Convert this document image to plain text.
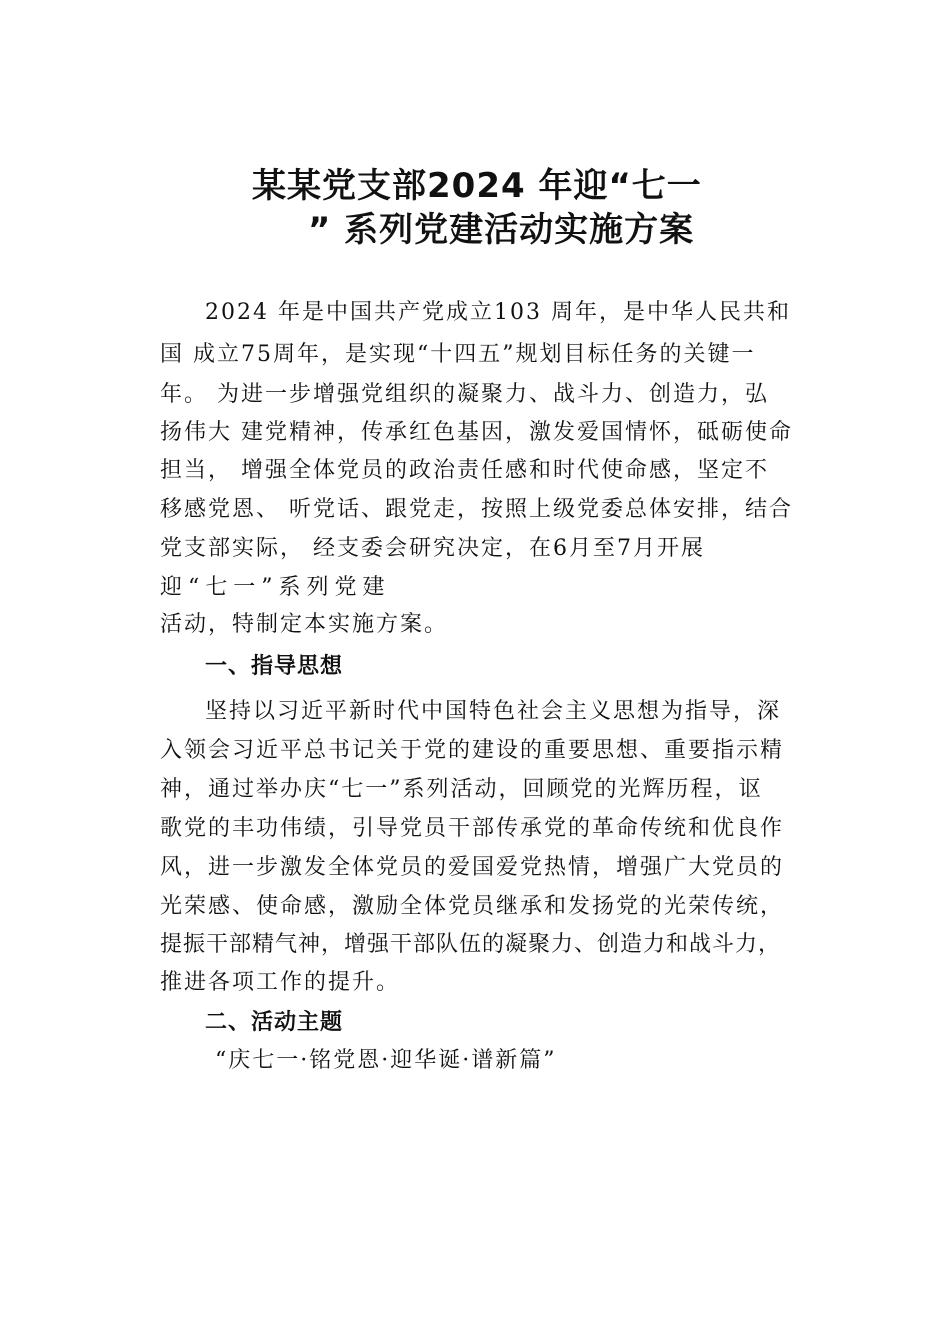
某某党支部2024 年迎“七一
” 系列党建活动实施方案
2024 年是中国共产党成立103 周年，是中华人民共和
国 成立75周年，是实现“十四五”规划目标任务的关键一
年。 为进一步增强党组织的凝聚力、战斗力、创造力，弘
扬伟大 建党精神，传承红色基因，激发爱国情怀，砥砺使命
担当， 增强全体党员的政治责任感和时代使命感，坚定不
移感党恩、 听党话、跟党走，按照上级党委总体安排，结合
党支部实际， 经支委会研究决定，在6月至7月开展
迎“七一”系列党建
活动，特制定本实施方案。
一、指导思想
坚持以习近平新时代中国特色社会主义思想为指导，深
入领会习近平总书记关于党的建设的重要思想、重要指示精
神，通过举办庆“七一”系列活动，回顾党的光辉历程，讴
歌党的丰功伟绩，引导党员干部传承党的革命传统和优良作
风，进一步激发全体党员的爱国爱党热情，增强广大党员的
光荣感、使命感，激励全体党员继承和发扬党的光荣传统，
提振干部精气神，增强干部队伍的凝聚力、创造力和战斗力，
推进各项工作的提升。
二、活动主题
“庆七一·铭党恩·迎华诞·谱新篇”
